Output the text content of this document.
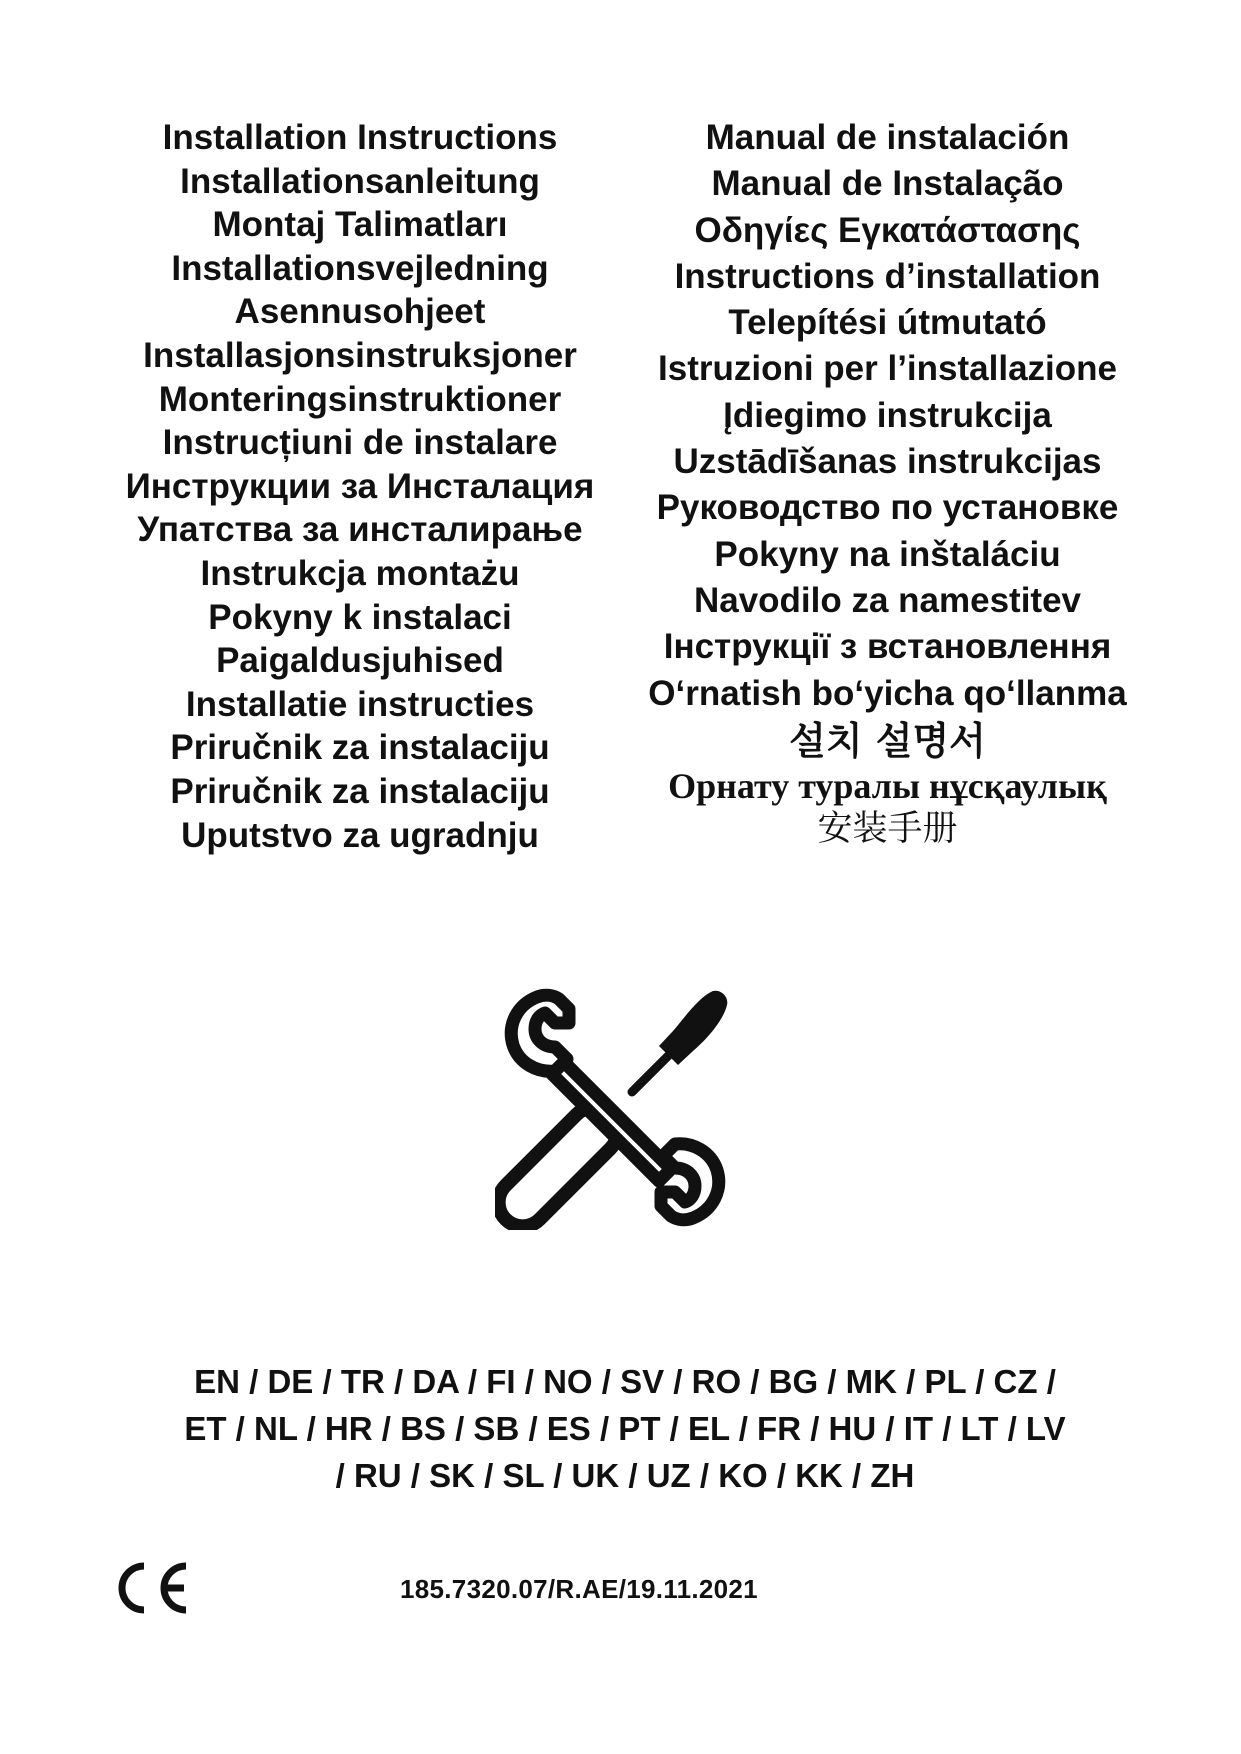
Installation Instructions
Installationsanleitung
Montaj Talimatları
Installationsvejledning
Asennusohjeet
Installasjonsinstruksjoner
Monteringsinstruktioner
Instrucțiuni de instalare
Инструкции за Инсталация
Упатства за инсталирање
Instrukcja montażu
Pokyny k instalaci
Paigaldusjuhised
Installatie instructies
Priručnik za instalaciju
Priručnik za instalaciju
Uputstvo za ugradnju
Manual de instalación
Manual de Instalação
Οδηγίες Εγκατάστασης
Instructions d’installation
Telepítési útmutató
Istruzioni per l’installazione
Įdiegimo instrukcija
Uzstādīšanas instrukcijas
Руководство по установке
Pokyny na inštaláciu
Navodilo za namestitev
Інструкції з встановлення
O‘rnatish bo‘yicha qo‘llanma
설치 설명서
Орнату туралы нұсқаулық
安装手册
EN / DE / TR / DA / FI / NO / SV / RO / BG / MK / PL / CZ /
ET / NL / HR / BS / SB / ES / PT / EL / FR / HU / IT / LT / LV
/ RU / SK / SL / UK / UZ / KO / KK / ZH
185.7320.07/R.AE/19.11.2021
